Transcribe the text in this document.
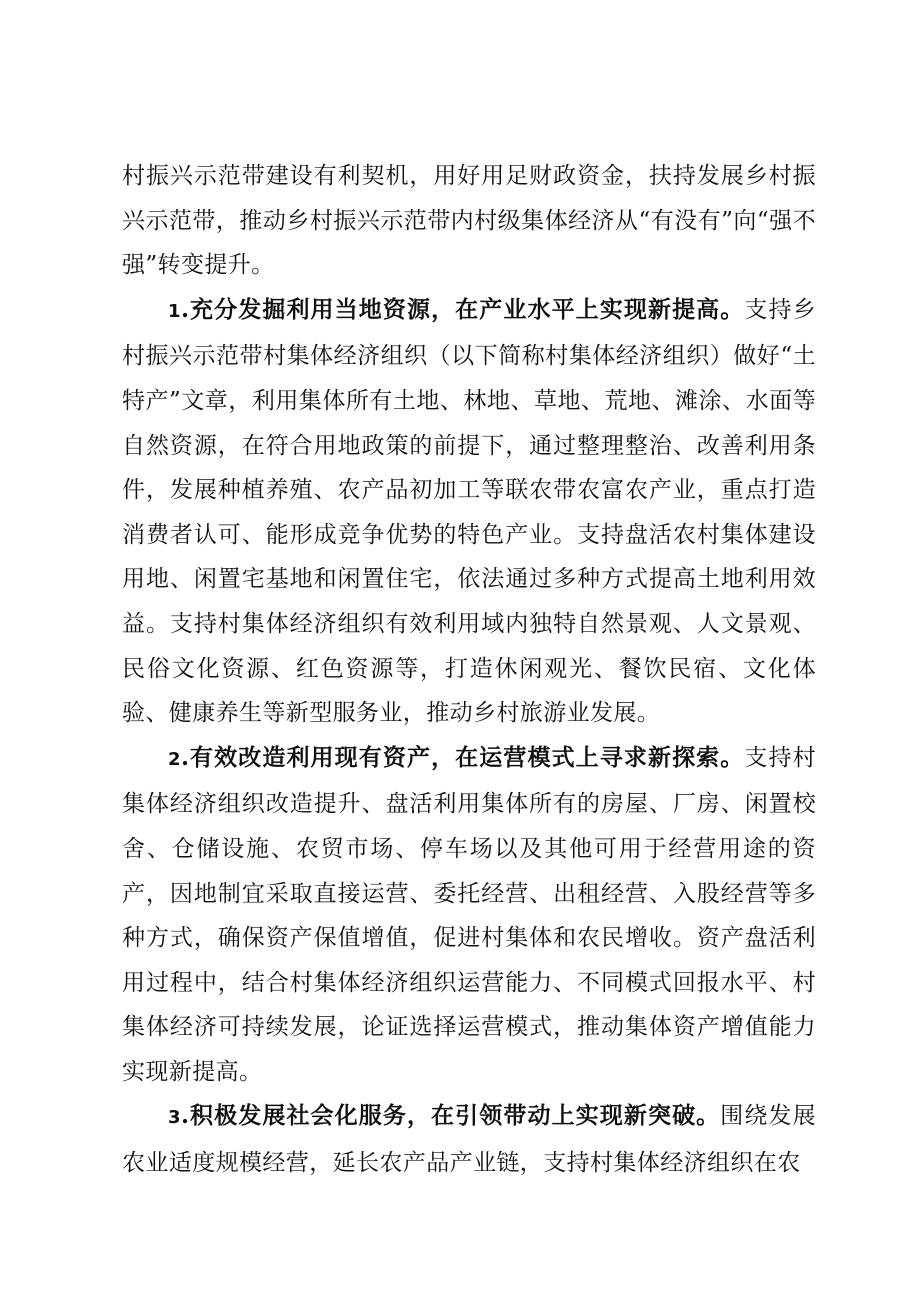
村振兴示范带建设有利契机，用好用足财政资金，扶持发展乡村振兴示范带，推动乡村振兴示范带内村级集体经济从“有没有”向“强不强”转变提升。

1.充分发掘利用当地资源，在产业水平上实现新提高。支持乡村振兴示范带村集体经济组织（以下简称村集体经济组织）做好“土特产”文章，利用集体所有土地、林地、草地、荒地、滩涂、水面等自然资源，在符合用地政策的前提下，通过整理整治、改善利用条件，发展种植养殖、农产品初加工等联农带农富农产业，重点打造消费者认可、能形成竞争优势的特色产业。支持盘活农村集体建设用地、闲置宅基地和闲置住宅，依法通过多种方式提高土地利用效益。支持村集体经济组织有效利用域内独特自然景观、人文景观、民俗文化资源、红色资源等，打造休闲观光、餐饮民宿、文化体验、健康养生等新型服务业，推动乡村旅游业发展。

2.有效改造利用现有资产，在运营模式上寻求新探索。支持村集体经济组织改造提升、盘活利用集体所有的房屋、厂房、闲置校舍、仓储设施、农贸市场、停车场以及其他可用于经营用途的资产，因地制宜采取直接运营、委托经营、出租经营、入股经营等多种方式，确保资产保值增值，促进村集体和农民增收。资产盘活利用过程中，结合村集体经济组织运营能力、不同模式回报水平、村集体经济可持续发展，论证选择运营模式，推动集体资产增值能力实现新提高。

3.积极发展社会化服务，在引领带动上实现新突破。围绕发展农业适度规模经营，延长农产品产业链，支持村集体经济组织在农
